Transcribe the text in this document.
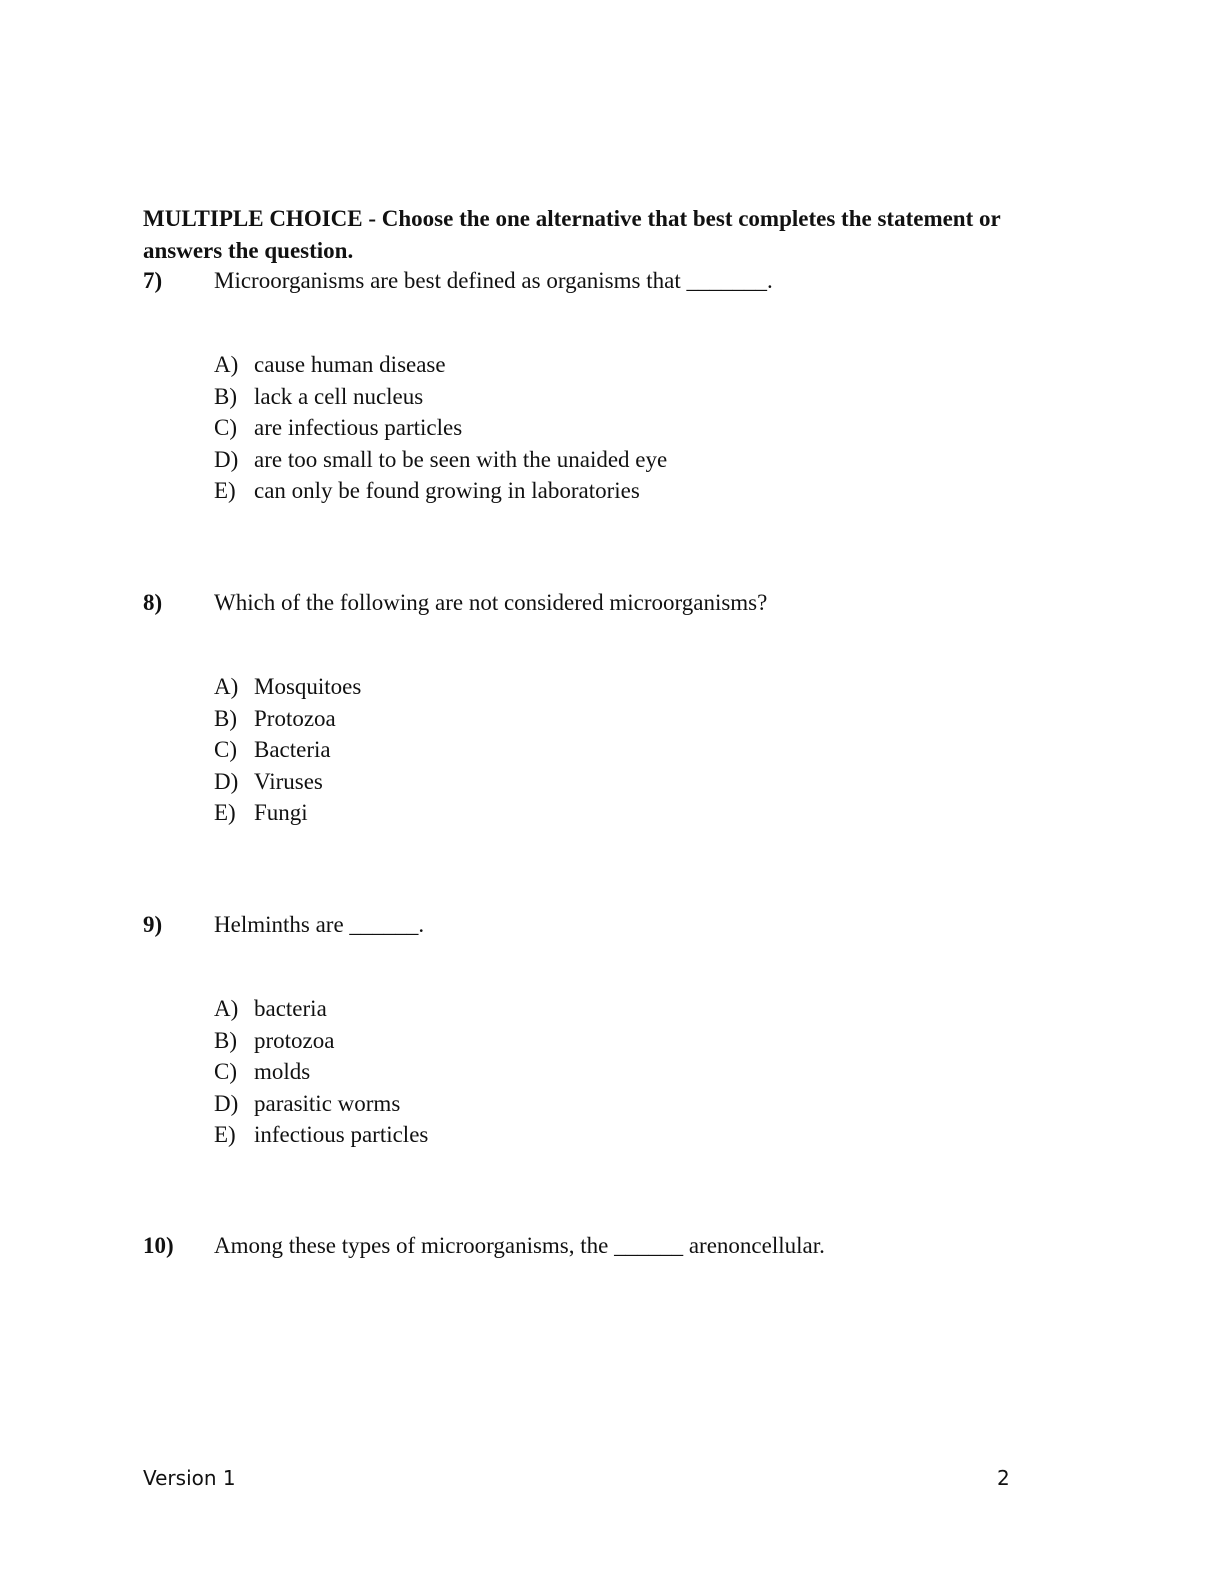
MULTIPLE CHOICE - Choose the one alternative that best completes the statement or answers the question.
7) Microorganisms are best defined as organisms that _______.
A) cause human disease
B) lack a cell nucleus
C) are infectious particles
D) are too small to be seen with the unaided eye
E) can only be found growing in laboratories
8) Which of the following are not considered microorganisms?
A) Mosquitoes
B) Protozoa
C) Bacteria
D) Viruses
E) Fungi
9) Helminths are ______.
A) bacteria
B) protozoa
C) molds
D) parasitic worms
E) infectious particles
10) Among these types of microorganisms, the ______ arenoncellular.
Version 1	2
